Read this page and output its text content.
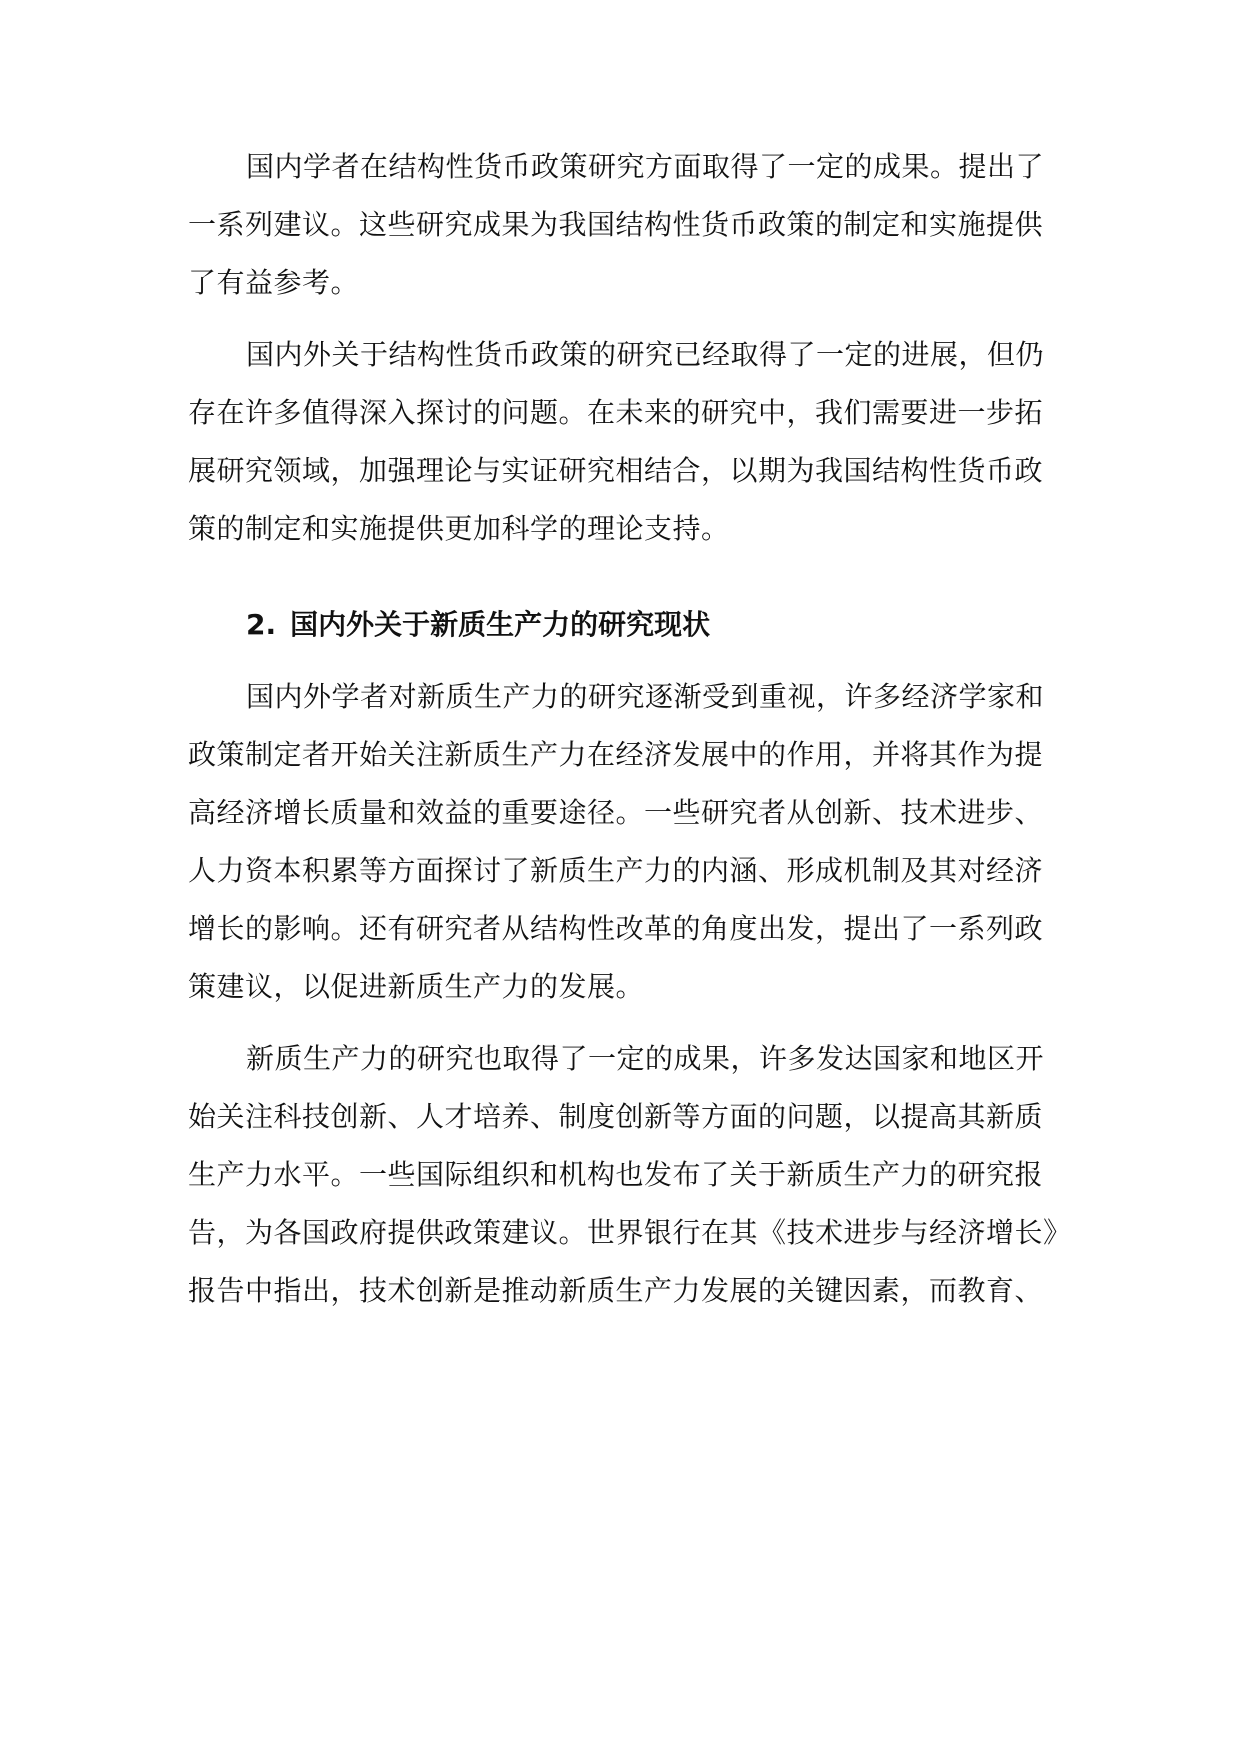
国内学者在结构性货币政策研究方面取得了一定的成果。提出了
一系列建议。这些研究成果为我国结构性货币政策的制定和实施提供
了有益参考。
国内外关于结构性货币政策的研究已经取得了一定的进展，但仍
存在许多值得深入探讨的问题。在未来的研究中，我们需要进一步拓
展研究领域，加强理论与实证研究相结合，以期为我国结构性货币政
策的制定和实施提供更加科学的理论支持。
2. 国内外关于新质生产力的研究现状
国内外学者对新质生产力的研究逐渐受到重视，许多经济学家和
政策制定者开始关注新质生产力在经济发展中的作用，并将其作为提
高经济增长质量和效益的重要途径。一些研究者从创新、技术进步、
人力资本积累等方面探讨了新质生产力的内涵、形成机制及其对经济
增长的影响。还有研究者从结构性改革的角度出发，提出了一系列政
策建议，以促进新质生产力的发展。
新质生产力的研究也取得了一定的成果，许多发达国家和地区开
始关注科技创新、人才培养、制度创新等方面的问题，以提高其新质
生产力水平。一些国际组织和机构也发布了关于新质生产力的研究报
告，为各国政府提供政策建议。世界银行在其《技术进步与经济增长》
报告中指出，技术创新是推动新质生产力发展的关键因素，而教育、
